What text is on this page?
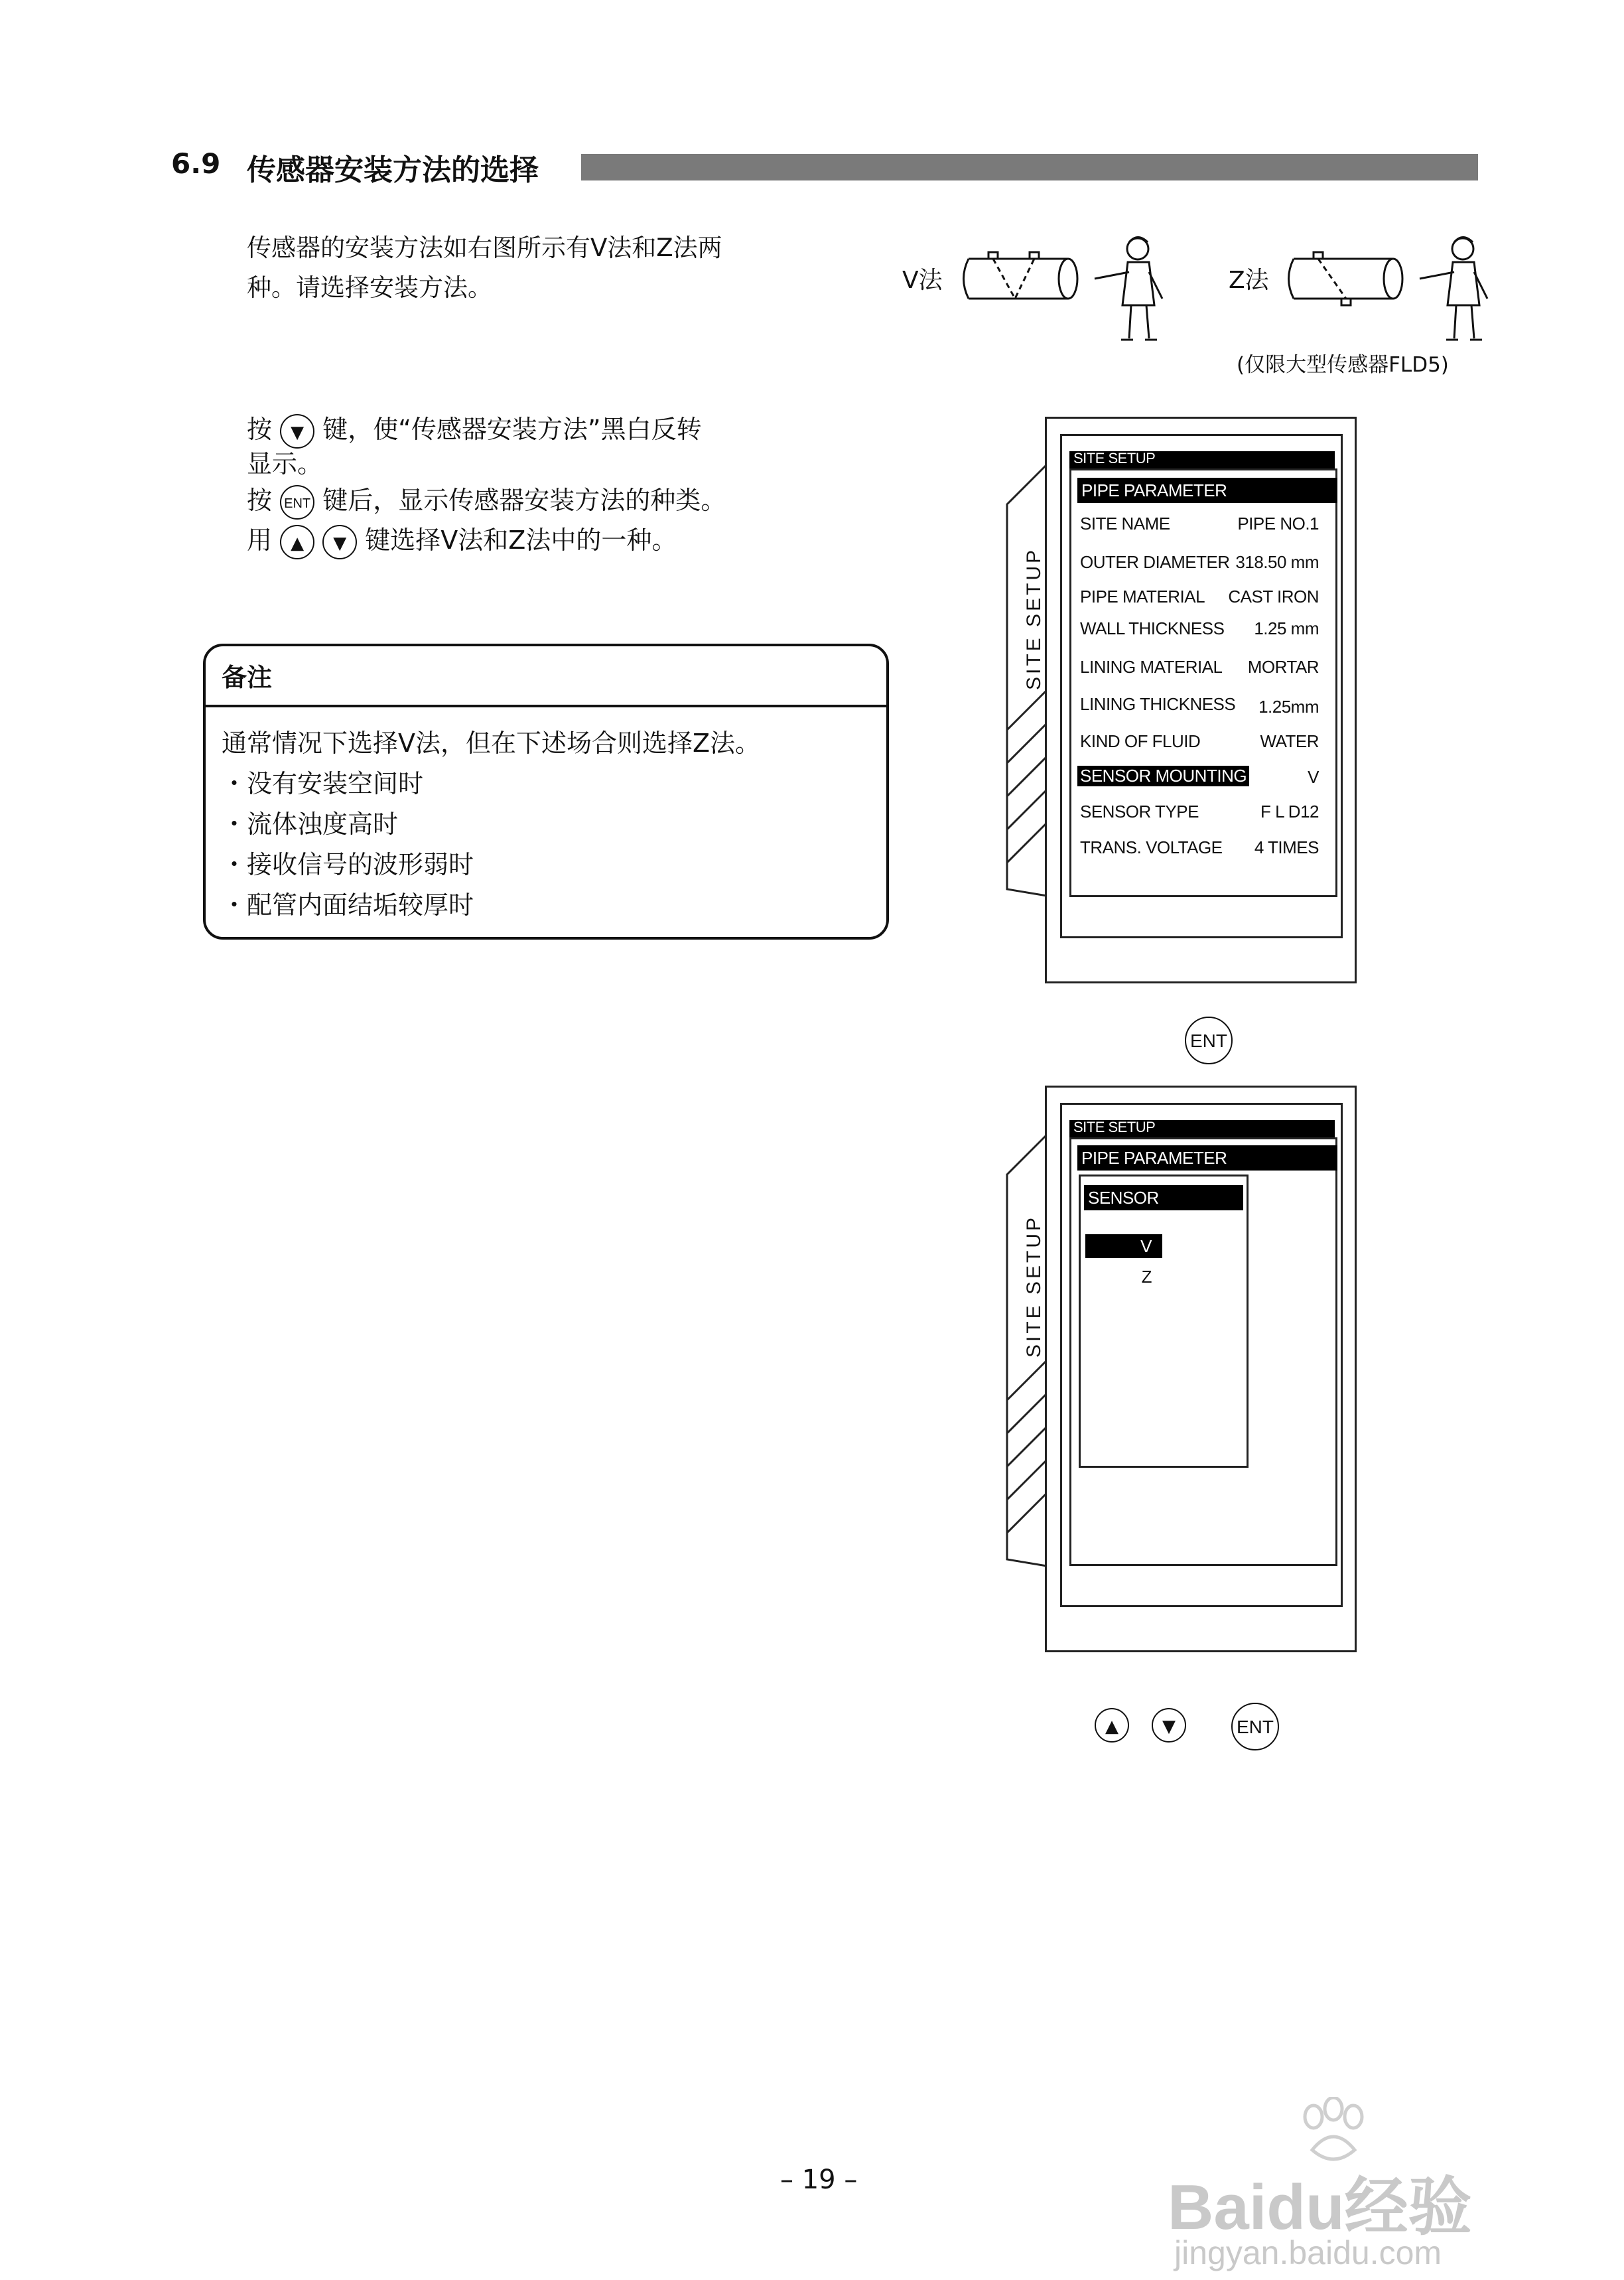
6.9 传感器安装方法的选择
传感器的安装方法如右图所示有V法和Z法两
种。请选择安装方法。	V法	Z法
(仅限大型传感器FLD5)
按 ▼ 键，使“传感器安装方法”黑白反转
显示。
按 ENT 键后，显示传感器安装方法的种类。
用 ▲ ▼ 键选择V法和Z法中的一种。
备注
通常情况下选择V法，但在下述场合则选择Z法。
・没有安装空间时
・流体浊度高时
・接收信号的波形弱时
・配管内面结垢较厚时
SITE SETUP
SITE SETUP
PIPE PARAMETER
SITE NAME	PIPE NO.1
OUTER DIAMETER 318.50 mm
PIPE MATERIAL CAST IRON
WALL THICKNESS 1.25 mm
LINING MATERIAL MORTAR
LINING THICKNESS 1.25mm
KIND OF FLUID	WATER
SENSOR MOUNTING	V
SENSOR TYPE	F L D12
TRANS. VOLTAGE 4 TIMES
ENT
SITE SETUP
SITE SETUP
PIPE PARAMETER
SENSOR MOUNTING
V
Z
▲	▼	ENT
– 19 –	Baidu经验
jingyan.baidu.com
